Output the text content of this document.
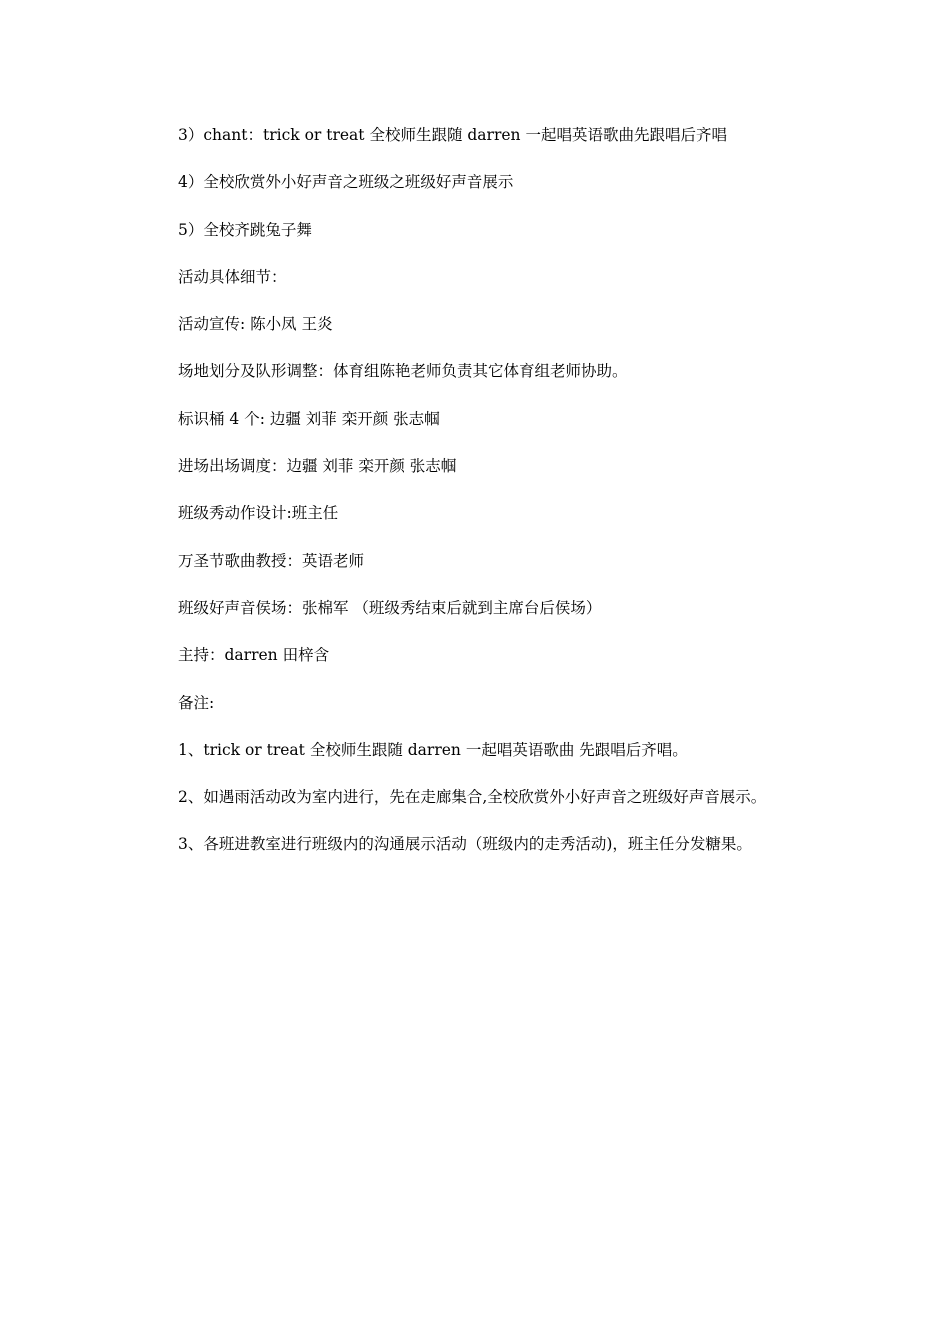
3）chant：trick or treat 全校师生跟随 darren 一起唱英语歌曲先跟唱后齐唱
4）全校欣赏外小好声音之班级之班级好声音展示
5）全校齐跳兔子舞
活动具体细节：
活动宣传: 陈小凤 王炎
场地划分及队形调整：体育组陈艳老师负责其它体育组老师协助。
标识桶 4 个: 边疆 刘菲 栾开颜 张志帼
进场出场调度：边疆 刘菲 栾开颜 张志帼
班级秀动作设计:班主任
万圣节歌曲教授：英语老师
班级好声音侯场：张棉军 （班级秀结束后就到主席台后侯场）
主持：darren 田梓含
备注:
1、trick or treat 全校师生跟随 darren 一起唱英语歌曲 先跟唱后齐唱。
2、如遇雨活动改为室内进行，先在走廊集合,全校欣赏外小好声音之班级好声音展示。
3、各班进教室进行班级内的沟通展示活动（班级内的走秀活动)，班主任分发糖果。
